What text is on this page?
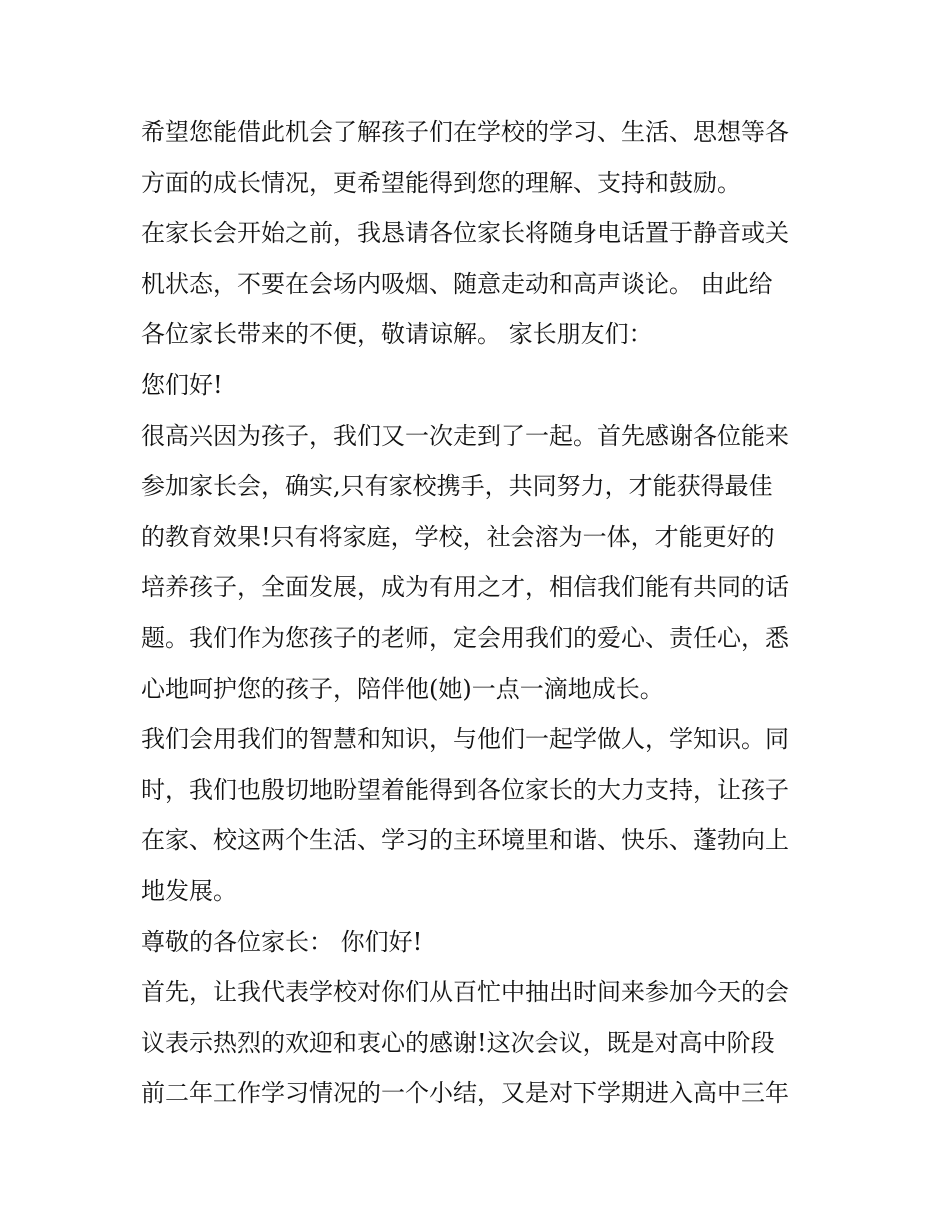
希望您能借此机会了解孩子们在学校的学习、生活、思想等各
方面的成长情况，更希望能得到您的理解、支持和鼓励。
在家长会开始之前，我恳请各位家长将随身电话置于静音或关
机状态，不要在会场内吸烟、随意走动和高声谈论。 由此给
各位家长带来的不便，敬请谅解。 家长朋友们：
您们好!
很高兴因为孩子，我们又一次走到了一起。首先感谢各位能来
参加家长会，确实,只有家校携手，共同努力，才能获得最佳
的教育效果!只有将家庭，学校，社会溶为一体，才能更好的
培养孩子，全面发展，成为有用之才，相信我们能有共同的话
题。我们作为您孩子的老师，定会用我们的爱心、责任心，悉
心地呵护您的孩子，陪伴他(她)一点一滴地成长。
我们会用我们的智慧和知识，与他们一起学做人，学知识。同
时，我们也殷切地盼望着能得到各位家长的大力支持，让孩子
在家、校这两个生活、学习的主环境里和谐、快乐、蓬勃向上
地发展。
尊敬的各位家长： 你们好!
首先，让我代表学校对你们从百忙中抽出时间来参加今天的会
议表示热烈的欢迎和衷心的感谢!这次会议，既是对高中阶段
前二年工作学习情况的一个小结，又是对下学期进入高中三年
